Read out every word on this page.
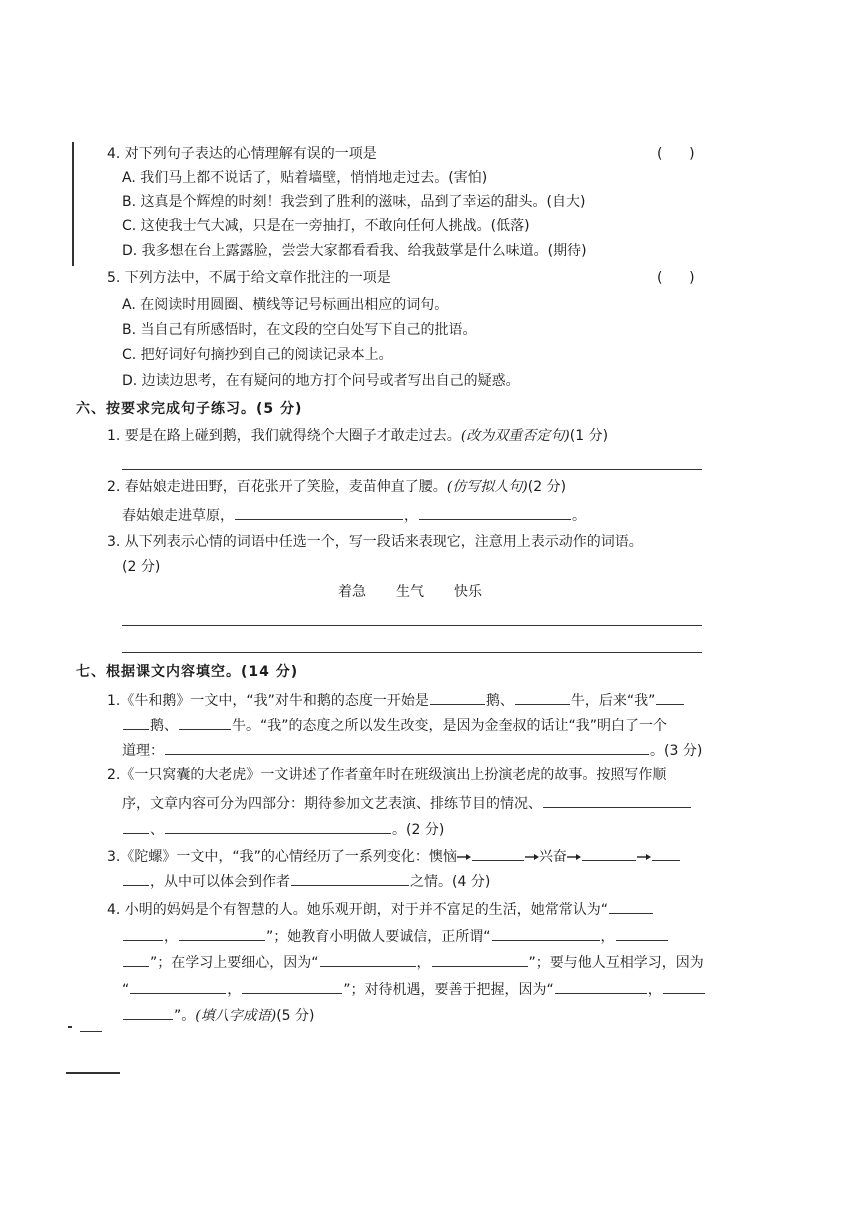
4. 对下列句子表达的心情理解有误的一项是	(      )
A. 我们马上都不说话了，贴着墙壁，悄悄地走过去。(害怕)
B. 这真是个辉煌的时刻！我尝到了胜利的滋味，品到了幸运的甜头。(自大)
C. 这使我士气大减，只是在一旁抽打，不敢向任何人挑战。(低落)
D. 我多想在台上露露脸，尝尝大家都看看我、给我鼓掌是什么味道。(期待)
5. 下列方法中，不属于给文章作批注的一项是	(      )
A. 在阅读时用圆圈、横线等记号标画出相应的词句。
B. 当自己有所感悟时，在文段的空白处写下自己的批语。
C. 把好词好句摘抄到自己的阅读记录本上。
D. 边读边思考，在有疑问的地方打个问号或者写出自己的疑惑。
六、按要求完成句子练习。(5 分)
1. 要是在路上碰到鹅，我们就得绕个大圈子才敢走过去。(改为双重否定句)(1 分)
2. 春姑娘走进田野，百花张开了笑脸，麦苗伸直了腰。(仿写拟人句)(2 分)
春姑娘走进草原，	，	。
3. 从下列表示心情的词语中任选一个，写一段话来表现它，注意用上表示动作的词语。
(2 分)
着急 生气 快乐
七、根据课文内容填空。(14 分)
1.《牛和鹅》一文中，“我”对牛和鹅的态度一开始是	鹅、	牛，后来“我”
鹅、	牛。“我”的态度之所以发生改变，是因为金奎叔的话让“我”明白了一个
道理：	。(3 分)
2.《一只窝囊的大老虎》一文讲述了作者童年时在班级演出上扮演老虎的故事。按照写作顺
序，文章内容可分为四部分：期待参加文艺表演、排练节目的情况、
、	。(2 分)
3.《陀螺》一文中，“我”的心情经历了一系列变化：懊恼	兴奋
，从中可以体会到作者	之情。(4 分)
4. 小明的妈妈是个有智慧的人。她乐观开朗，对于并不富足的生活，她常常认为“
，	”；她教育小明做人要诚信，正所谓“	，
”；在学习上要细心，因为“	，	”；要与他人互相学习，因为
“	，	”；对待机遇，要善于把握，因为“	，
”。(填八字成语)(5 分)
